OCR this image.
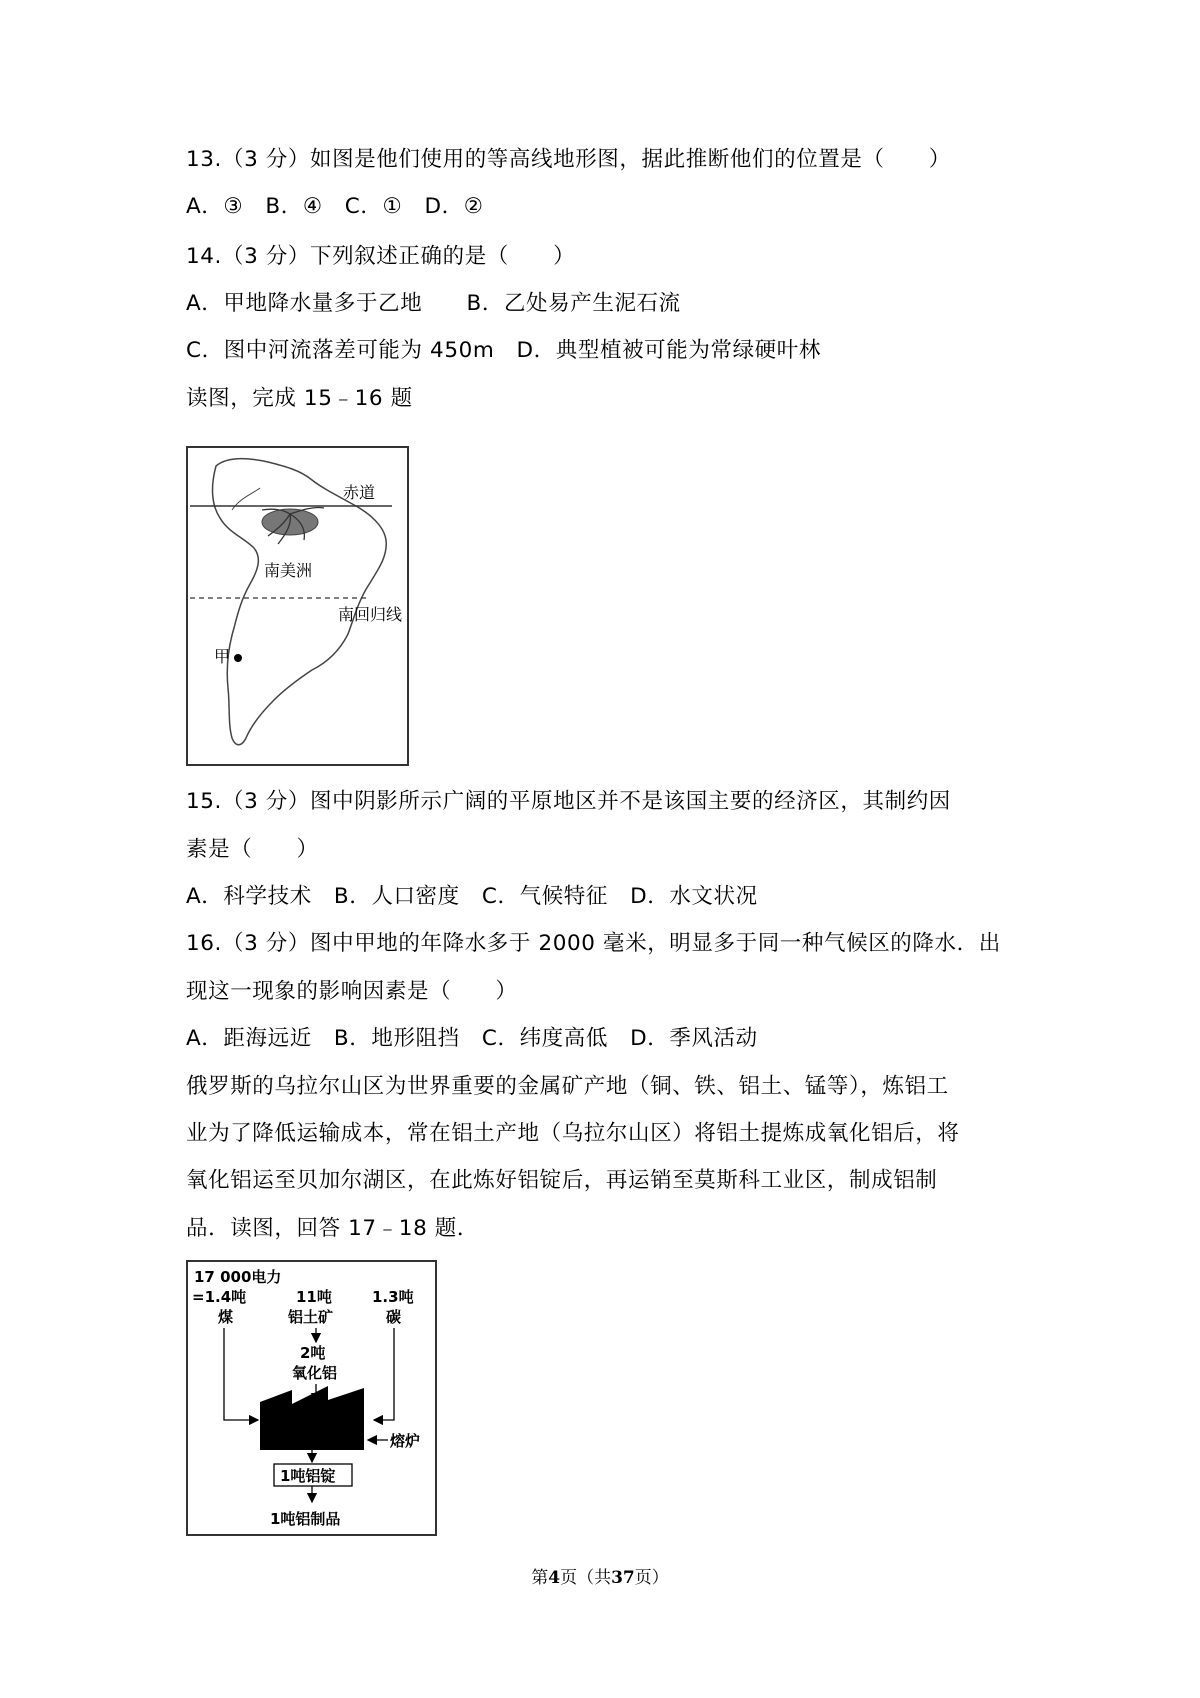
13.（3 分）如图是他们使用的等高线地形图，据此推断他们的位置是（　　）
A．③　B．④　C．①　D．②
14.（3 分）下列叙述正确的是（　　）
A．甲地降水量多于乙地　　B．乙处易产生泥石流
C．图中河流落差可能为 450m　D．典型植被可能为常绿硬叶林
读图，完成 15﹣16 题
赤道
南美洲
南回归线
甲
15.（3 分）图中阴影所示广阔的平原地区并不是该国主要的经济区，其制约因
素是（　　）
A．科学技术　B．人口密度　C．气候特征　D．水文状况
16.（3 分）图中甲地的年降水多于 2000 毫米，明显多于同一种气候区的降水．出
现这一现象的影响因素是（　　）
A．距海远近　B．地形阻挡　C．纬度高低　D．季风活动
俄罗斯的乌拉尔山区为世界重要的金属矿产地（铜、铁、铝土、锰等），炼铝工
业为了降低运输成本，常在铝土产地（乌拉尔山区）将铝土提炼成氧化铝后，将
氧化铝运至贝加尔湖区，在此炼好铝锭后，再运销至莫斯科工业区，制成铝制
品．读图，回答 17﹣18 题．
17 000电力
=1.4吨
煤
11吨
铝土矿
1.3吨
碳
2吨
氧化铝
熔炉
1吨铝锭
1吨铝制品
第4页（共37页）
